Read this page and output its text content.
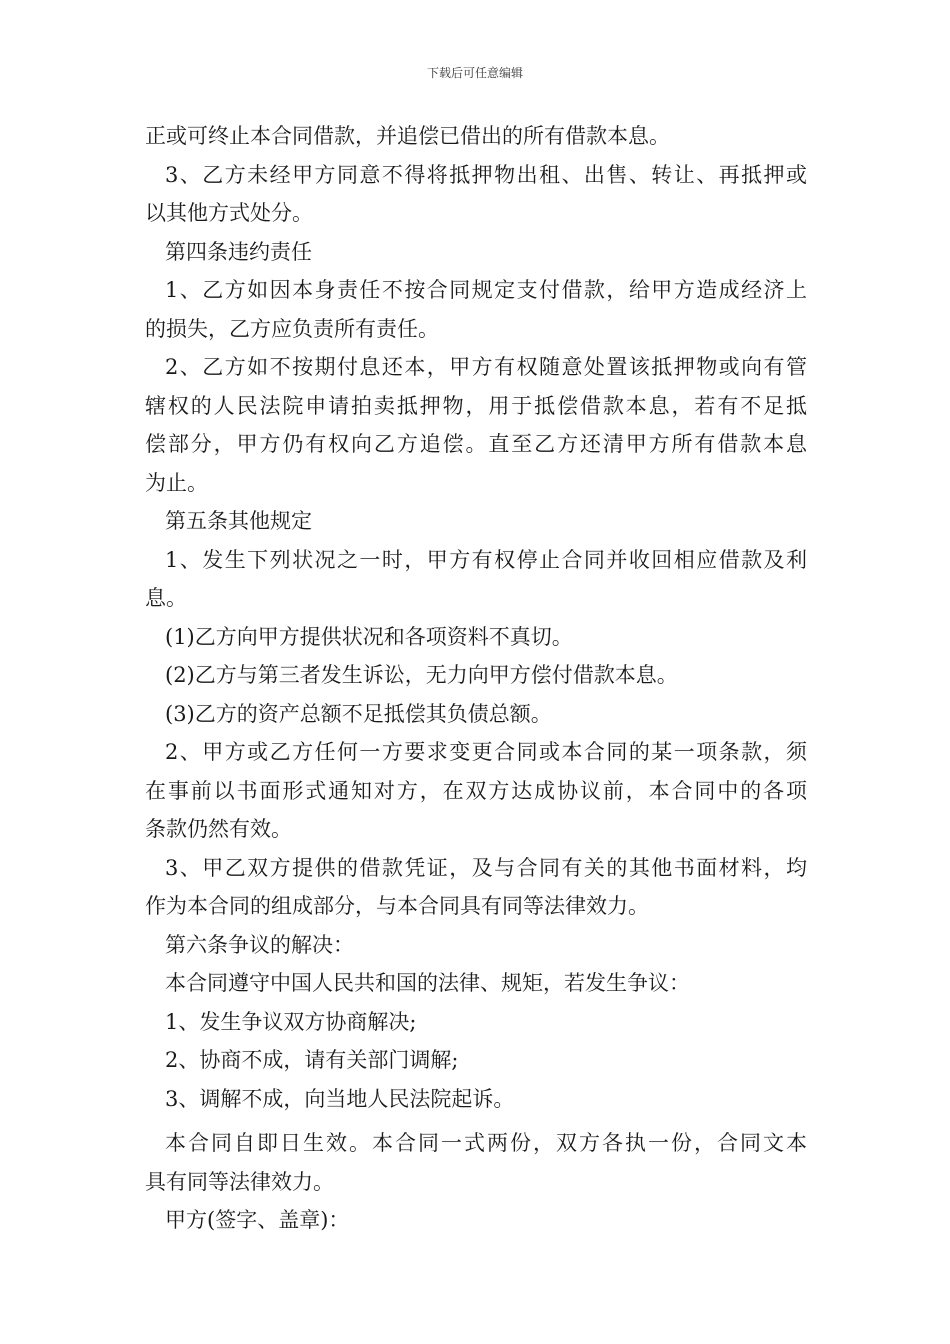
下载后可任意编辑
正或可终止本合同借款，并追偿已借出的所有借款本息。
3、乙方未经甲方同意不得将抵押物出租、出售、转让、再抵押或
以其他方式处分。
第四条违约责任
1、乙方如因本身责任不按合同规定支付借款，给甲方造成经济上
的损失，乙方应负责所有责任。
2、乙方如不按期付息还本，甲方有权随意处置该抵押物或向有管
辖权的人民法院申请拍卖抵押物，用于抵偿借款本息，若有不足抵
偿部分，甲方仍有权向乙方追偿。直至乙方还清甲方所有借款本息
为止。
第五条其他规定
1、发生下列状况之一时，甲方有权停止合同并收回相应借款及利
息。
(1)乙方向甲方提供状况和各项资料不真切。
(2)乙方与第三者发生诉讼，无力向甲方偿付借款本息。
(3)乙方的资产总额不足抵偿其负债总额。
2、甲方或乙方任何一方要求变更合同或本合同的某一项条款，须
在事前以书面形式通知对方，在双方达成协议前，本合同中的各项
条款仍然有效。
3、甲乙双方提供的借款凭证，及与合同有关的其他书面材料，均
作为本合同的组成部分，与本合同具有同等法律效力。
第六条争议的解决：
本合同遵守中国人民共和国的法律、规矩，若发生争议：
1、发生争议双方协商解决;
2、协商不成，请有关部门调解;
3、调解不成，向当地人民法院起诉。
本合同自即日生效。本合同一式两份，双方各执一份，合同文本
具有同等法律效力。
甲方(签字、盖章)：
